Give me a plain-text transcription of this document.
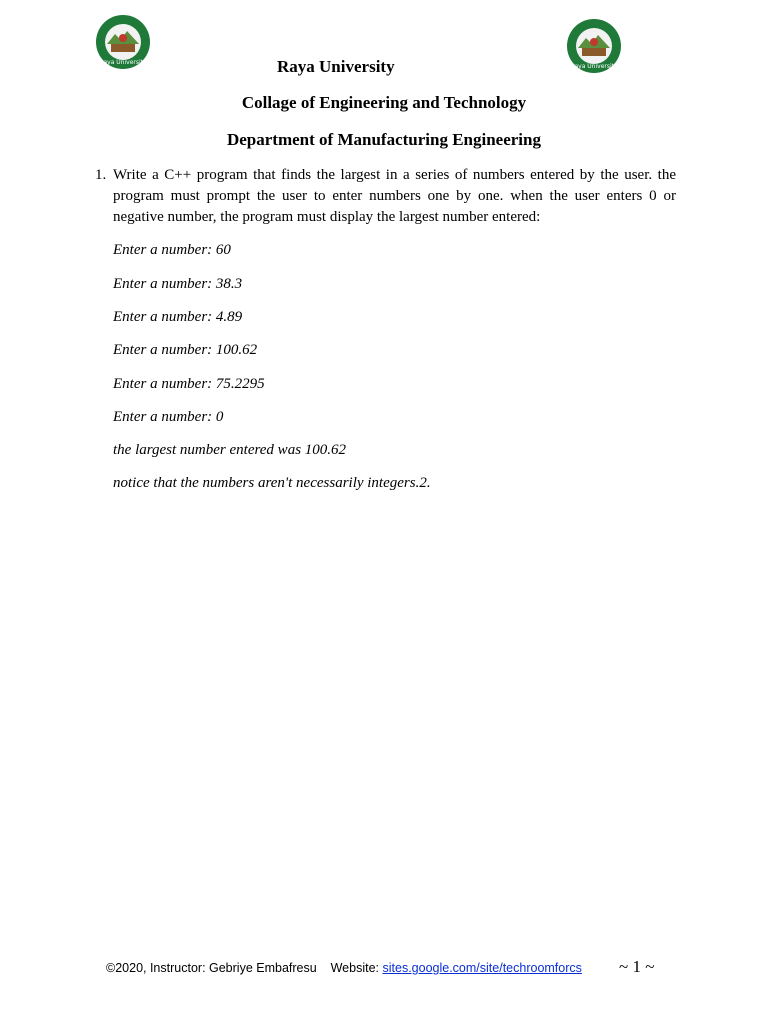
Raya University
Raya University
Raya University
Collage of Engineering and Technology
Department of Manufacturing Engineering
1. Write a C++ program that finds the largest in a series of numbers entered by the user. the program must prompt the user to enter numbers one by one. when the user enters 0 or negative number, the program must display the largest number entered:
Enter a number: 60
Enter a number: 38.3
Enter a number: 4.89
Enter a number: 100.62
Enter a number: 75.2295
Enter a number: 0
the largest number entered was 100.62
notice that the numbers aren't necessarily integers.2.
©2020, Instructor: Gebriye Embafresu Website: sites.google.com/site/techroomforcs ~ 1 ~
